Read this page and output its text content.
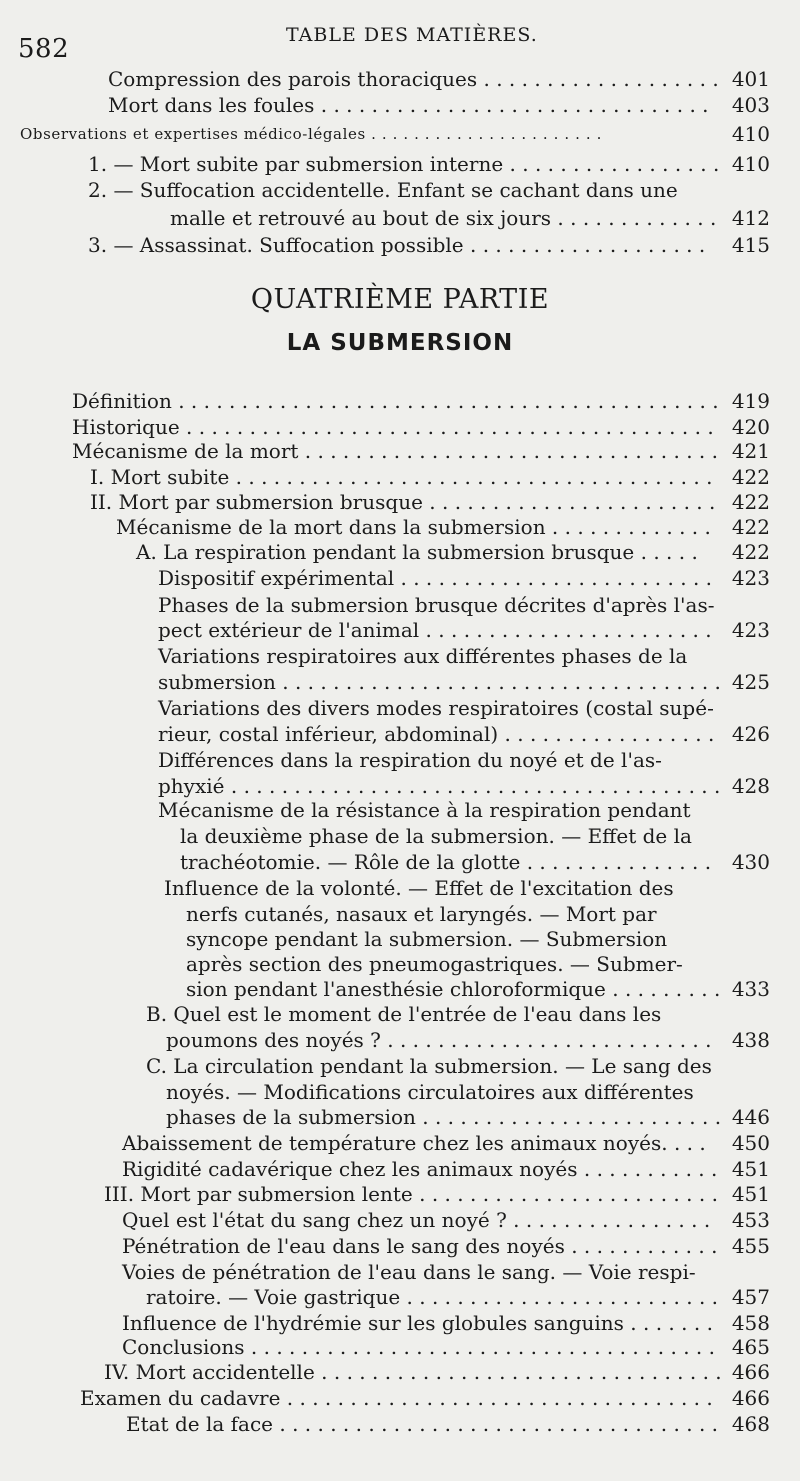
582	TABLE DES MATIÈRES.
Compression des parois thoraciques . . . . . . . . . . . . . . . . . . . 401
Mort dans les foules . . . . . . . . . . . . . . . . . . . . . . . . . . . . . . . 403
Observations et expertises médico-légales . . . . . . . . . . . . . . . . . . . . . .	410
1. — Mort subite par submersion interne . . . . . . . . . . . . . . . . . 410
2. — Suffocation accidentelle. Enfant se cachant dans une
malle et retrouvé au bout de six jours . . . . . . . . . . . . . 412
3. — Assassinat. Suffocation possible . . . . . . . . . . . . . . . . . . . 415
QUATRIÈME PARTIE
LA SUBMERSION
Définition . . . . . . . . . . . . . . . . . . . . . . . . . . . . . . . . . . . . . . . . . . . 419
Historique . . . . . . . . . . . . . . . . . . . . . . . . . . . . . . . . . . . . . . . . . . 420
Mécanisme de la mort . . . . . . . . . . . . . . . . . . . . . . . . . . . . . . . . . 421
I. Mort subite . . . . . . . . . . . . . . . . . . . . . . . . . . . . . . . . . . . . . . 422
II. Mort par submersion brusque . . . . . . . . . . . . . . . . . . . . . . . 422
Mécanisme de la mort dans la submersion . . . . . . . . . . . . . 422
A. La respiration pendant la submersion brusque . . . . . 422
Dispositif expérimental . . . . . . . . . . . . . . . . . . . . . . . . . 423
Phases de la submersion brusque décrites d'après l'as-
pect extérieur de l'animal . . . . . . . . . . . . . . . . . . . . . . . 423
Variations respiratoires aux différentes phases de la
submersion . . . . . . . . . . . . . . . . . . . . . . . . . . . . . . . . . . . 425
Variations des divers modes respiratoires (costal supé-
rieur, costal inférieur, abdominal) . . . . . . . . . . . . . . . . . 426
Différences dans la respiration du noyé et de l'as-
phyxié . . . . . . . . . . . . . . . . . . . . . . . . . . . . . . . . . . . . . . . 428
Mécanisme de la résistance à la respiration pendant
la deuxième phase de la submersion. — Effet de la
trachéotomie. — Rôle de la glotte . . . . . . . . . . . . . . . 430
Influence de la volonté. — Effet de l'excitation des
nerfs cutanés, nasaux et laryngés. — Mort par
syncope pendant la submersion. — Submersion
après section des pneumogastriques. — Submer-
sion pendant l'anesthésie chloroformique . . . . . . . . . 433
B. Quel est le moment de l'entrée de l'eau dans les
poumons des noyés ? . . . . . . . . . . . . . . . . . . . . . . . . . . 438
C. La circulation pendant la submersion. — Le sang des
noyés. — Modifications circulatoires aux différentes
phases de la submersion . . . . . . . . . . . . . . . . . . . . . . . . 446
Abaissement de température chez les animaux noyés. . . . 450
Rigidité cadavérique chez les animaux noyés . . . . . . . . . . . 451
III. Mort par submersion lente . . . . . . . . . . . . . . . . . . . . . . . . 451
Quel est l'état du sang chez un noyé ? . . . . . . . . . . . . . . . . 453
Pénétration de l'eau dans le sang des noyés . . . . . . . . . . . . 455
Voies de pénétration de l'eau dans le sang. — Voie respi-
ratoire. — Voie gastrique . . . . . . . . . . . . . . . . . . . . . . . . . 457
Influence de l'hydrémie sur les globules sanguins . . . . . . . 458
Conclusions . . . . . . . . . . . . . . . . . . . . . . . . . . . . . . . . . . . . . 465
IV. Mort accidentelle . . . . . . . . . . . . . . . . . . . . . . . . . . . . . . . . 466
Examen du cadavre . . . . . . . . . . . . . . . . . . . . . . . . . . . . . . . . . . 466
Etat de la face . . . . . . . . . . . . . . . . . . . . . . . . . . . . . . . . . . . 468
